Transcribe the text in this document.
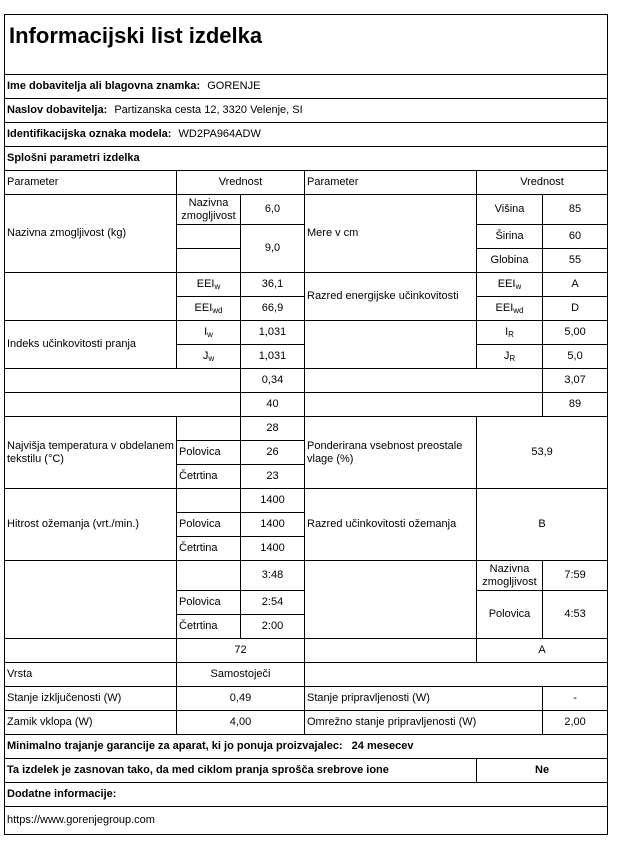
Informacijski list izdelka					
Ime dobavitelja ali blagovna znamka: GORENJE					
Naslov dobavitelja: Partizanska cesta 12, 3320 Velenje, SI					
Identifikacijska oznaka modela: WD2PA964ADW					
Splošni parametri izdelka					
Parameter	Vrednost		Parameter	Vrednost	
Nazivna zmogljivost (kg)	Nazivna zmogljivost	6,0	Mere v cm	Višina	85
		9,0		Širina	60
				Globina	55
	$EEI_w$	36,1	Razred energijske učinkovitosti	$EEI_w$	A
	$EEI_{wd}$	66,9		$EEI_{wd}$	D
Indeks učinkovitosti pranja	$I_w$	1,031		$I_R$	5,00
	$J_w$	1,031		$J_R$	5,0
		0,34			3,07
		40			89
Najvišja temperatura v obdelanem tekstilu (°C)		28	Ponderirana vsebnost preostale vlage (%)	53,9	
	Polovica	26			
	Četrtina	23			
Hitrost ožemanja (vrt./min.)		1400	Razred učinkovitosti ožemanja	B	
	Polovica	1400			
	Četrtina	1400			
		3:48		Nazivna zmogljivost	7:59
	Polovica	2:54		Polovica	4:53
	Četrtina	2:00			
	72			A	
Vrsta	Samostoječi				
Stanje izključenosti (W)	0,49		Stanje pripravljenosti (W)		-
Zamik vklopa (W)	4,00		Omrežno stanje pripravljenosti (W)		2,00
Minimalno trajanje garancije za aparat, ki jo ponuja proizvajalec: 24 mesecev					
Ta izdelek je zasnovan tako, da med ciklom pranja sprošča srebrove ione				Ne	
Dodatne informacije:					
https://www.gorenjegroup.com					
